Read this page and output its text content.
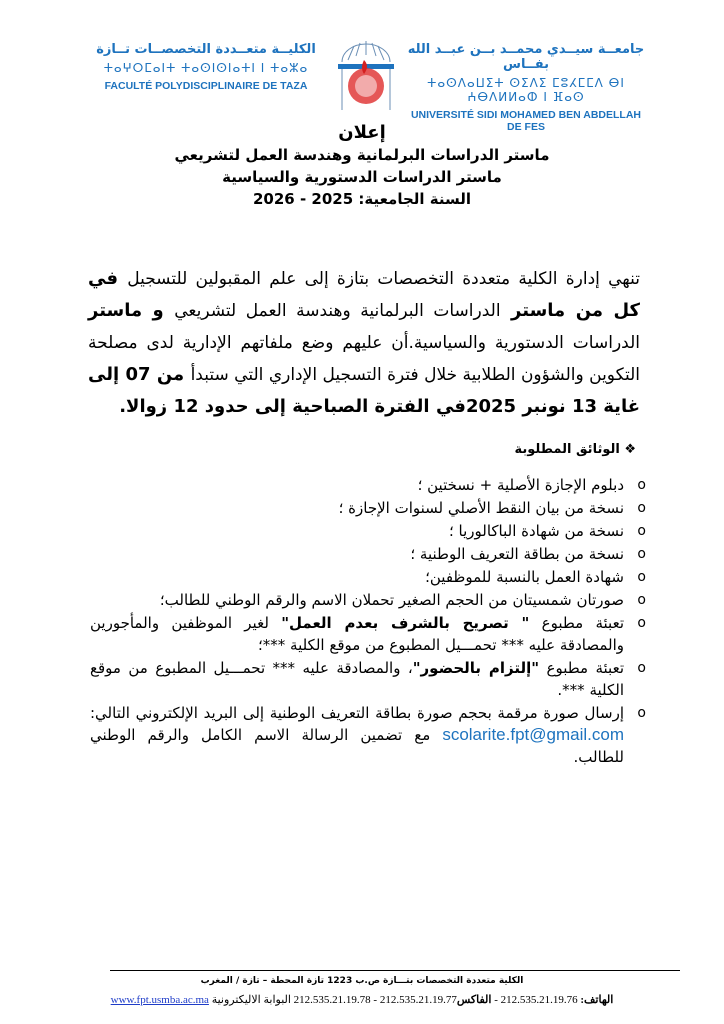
الكليــة متعــددة التخصصــات تــازة
ⵜⴰⵖⵔⵎⴰⵏⵜ ⵜⴰⵙⵏⵙⵏⴰⵜⵏ ⵏ ⵜⴰⵣⴰ
FACULTÉ POLYDISCIPLINAIRE DE TAZA
جامعــة سيــدي محمــد بــن عبــد الله بفــاس
ⵜⴰⵙⴷⴰⵡⵉⵜ ⵙⵉⴷⵉ ⵎⵓⵃⵎⵎⴷ ⴱⵏ ⵄⴱⴷⵍⵍⴰⵀ ⵏ ⴼⴰⵙ
UNIVERSITÉ SIDI MOHAMED BEN ABDELLAH DE FES
إعلان
ماستر الدراسات البرلمانية وهندسة العمل لتشريعي
ماستر الدراسات الدستورية والسياسية
السنة الجامعية: 2025 - 2026
تنهي إدارة الكلية متعددة التخصصات بتازة إلى علم المقبولين للتسجيل في كل من ماستر الدراسات البرلمانية وهندسة العمل لتشريعي و ماستر الدراسات الدستورية والسياسية.أن عليهم وضع ملفاتهم الإدارية لدى مصلحة التكوين والشؤون الطلابية خلال فترة التسجيل الإداري التي ستبدأ من 07 إلى غاية 13 نونبر 2025في الفترة الصباحية إلى حدود 12 زوالا.
❖ الوثائق المطلوبة
o دبلوم الإجازة الأصلية + نسختين ؛
o نسخة من بيان النقط الأصلي لسنوات الإجازة ؛
o نسخة من شهادة الباكالوريا ؛
o نسخة من بطاقة التعريف الوطنية ؛
o شهادة العمل بالنسبة للموظفين؛
o صورتان شمسيتان من الحجم الصغير تحملان الاسم والرقم الوطني للطالب؛
o تعبئة مطبوع " تصريح بالشرف بعدم العمل" لغير الموظفين والمأجورين والمصادقة عليه *** تحمـــيل المطبوع من موقع الكلية ***؛
o تعبئة مطبوع "إلتزام بالحضور"، والمصادقة عليه *** تحمـــيل المطبوع من موقع الكلية ***.
o إرسال صورة مرقمة بحجم صورة بطاقة التعريف الوطنية إلى البريد الإلكتروني التالي: scolarite.fpt@gmail.com مع تضمين الرسالة الاسم الكامل والرقم الوطني للطالب.
الكلية متعددة التخصصات بتـــازة ص.ب 1223 تازة المحطة – تازة / المغرب
الهاتف: 212.535.21.19.76 - الفاكس212.535.21.19.77 - 212.535.21.19.78 البوابة الاليكترونية www.fpt.usmba.ac.ma
